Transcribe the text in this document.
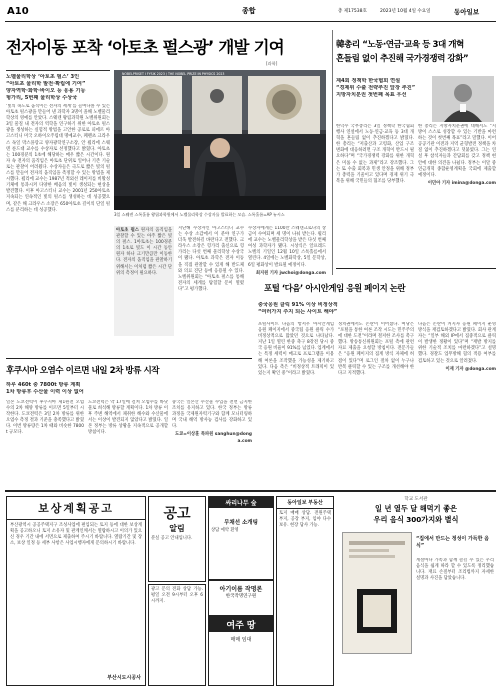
A10	종합	총 제17538호	2023년 10월 4일 수요일	동아일보
전자이동 포착 ‘아토초 펄스광’ 개발 기여
[과학]
노벨물리학상 ‘아토초 펄스’ 3인
“아토초 물리학 발전·확립에 기여”
양자역학·화학·바이오 등 응용 기능
헝가리, 5번째 물리학상 수상국
‘빛의 속도로 움직이는 전자의 세계’를 들여다볼 수 있는 아토초 펄스광을 만들어 낸 과학자 3명이 올해 노벨물리학상의 영예를 안았다. 스웨덴 왕립과학원 노벨위원회는 3일 물질 내 전자의 역학을 연구하기 위한 아토초 펄스광을 생성하는 실험적 방법을 고안한 공로로 피에르 아고스티니 미국 오하이오주립대 명예교수, 페렌츠 크라우스 독일 막스플랑크 양자광학연구소장, 안 륄리에 스웨덴 룬드대 교수를 수상자로 선정했다고 밝혔다. 아토초는 100경분의 1초에 해당하는 매우 짧은 시간이다. 원자 속 전자의 움직임은 아토초 단위로 일어나 기존 기술로는 관찰이 어려웠다. 수상자들은 극도로 짧은 빛의 펄스를 만들어 전자의 움직임을 측정할 수 있는 방법을 제시했다. 륄리에 교수는 1987년 적외선 레이저를 비활성 기체에 통과시켜 다양한 배음의 빛이 생성되는 현상을 발견했다. 이후 아고스티니 교수는 2001년 250아토초 지속되는 연속적인 빛의 펄스를 생성하는 데 성공했으며, 같은 해 크라우스 소장은 650아토초 길이의 단일 펄스를 분리하는 데 성공했다.
NOBELPRISET I FYSIK 2023 / THE NOBEL PRIZE IN PHYSICS 2023
3일 스웨덴 스톡홀름 왕립과학원에서 노벨물리학상 수상자를 발표하는 모습. 스톡홀름=AP 뉴시스
아토초 펄스 원자의 움직임을 관찰할 수 있는 아주 짧은 빛의 펄스. 1아토초는 100경분의 1초로 빛도 이 시간 동안 원자 하나 크기만큼만 이동한다. 전자의 움직임을 관찰하기 위해서는 이처럼 짧은 시간 단위의 측정이 필요하다.
지난해 수상자인 아고스티니 교수는 수상 소감에서 이 분야 연구가 더욱 발전하길 바란다고 전했다. 크라우스 소장은 헝가리 출신으로 헝가리는 다섯 번째 물리학상 수상국이 됐다. 아토초 과학은 전자 이동을 직접 관찰할 수 있게 해 반도체와 의료 진단 등에 응용될 수 있다. 노벨위원회는 “아토초 펄스를 통해 전자의 세계를 탐험할 문이 열렸다”고 평가했다.
수상자에게는 1100만 스웨덴크로나의 상금이 수여되며 세 명이 나눠 받는다. 륄리에 교수는 노벨물리학상을 받은 다섯 번째 여성 과학자가 됐다. 시상식은 알프레드 노벨의 기일인 12월 10일 스톡홀름에서 열린다. 4일에는 노벨화학상, 5일 문학상, 6일 평화상이 발표될 예정이다.
최지원 기자 jwchoi@donga.com
韓총리 “노동·연금·교육 등 3대 개혁
흔들림 없이 추진해 국가경쟁력 강화”
제4회 정책학 한국협회 연설
“경제위 수출 전략추진 앞장 추진”
지방자치분권 첫번째 목표 우선
한덕수 국무총리는 3일 정책학 한국협회 행사 연설에서 노동·연금·교육 등 3대 개혁을 흔들림 없이 추진하겠다고 밝혔다. 한 총리는 “저출산과 고령화, 산업 구조 변화에 대응하려면 구조 개혁이 반드시 필요하다”며 “국가경쟁력 강화를 위한 개혁은 미룰 수 없는 과제”라고 강조했다. 그는 또 수출 회복과 민생 안정을 위해 정부가 총력을 기울이고 있다며 경제 위기 극복을 위해 국민들의 협조를 당부했다.
한 총리는 지방자치분권에 대해서도 “지방이 스스로 성장할 수 있는 기반을 마련하는 것이 첫번째 목표”라고 말했다. 이어 공공기관 이전과 지역 균형발전 정책을 차질 없이 추진하겠다고 덧붙였다. 그는 연설 후 참석자들과 간담회를 갖고 정책 현안에 대한 의견을 나눴다. 정부는 이달 중 연금개혁 종합운영계획을 국회에 제출할 예정이다.
이민아 기자 imina@donga.com
포털 ‘다음’ 아시안게임 응원 페이지 논란
중국응원 클릭 91% 이상 비정상적
“여러가지 주지 되는 사이트 해야”
포털사이트 다음의 항저우 아시안게임 응원 페이지에서 중국팀 응원 클릭 수가 비정상적으로 많았던 것으로 나타났다. 지난 1일 열린 한중 축구 8강전 당시 중국 응원 비율이 91%를 넘었다. 업계에서는 특정 세력이 매크로 프로그램을 이용해 여론을 조작했을 가능성을 제기하고 있다. 다음 측은 “비정상적 트래픽이 있었는지 확인 중”이라고 밝혔다.
정치권에서도 논란이 이어졌다. 여당은 “포털을 통한 여론 조작 시도는 민주주의에 대한 도전”이라며 철저한 조사를 촉구했다. 방송통신위원회는 포털 측에 관련 자료 제출을 요청할 방침이다. 전문가들은 “응원 페이지의 집계 방식 자체에 허점이 있다”며 로그인 절차 없이 누구나 반복 클릭할 수 있는 구조를 개선해야 한다고 지적했다.
다음은 논란이 커지자 응원 페이지 운영 방식을 재검토하겠다고 밝혔다. 회사 관계자는 “일부 해외 IP에서 집중적으로 클릭이 발생한 정황이 있다”며 “재발 방지를 위한 기술적 조치를 마련하겠다”고 설명했다. 경찰도 업무방해 혐의 적용 여부를 검토하고 있는 것으로 알려졌다.
이재 기자 @donga.com
후쿠시마 오염수 이르면 내일 2차 방류 시작
하루 460t 중 7800t 방류 계획
1차 방류후 수산물 이력 이상 없어
일본 도쿄전력이 후쿠시마 제1원전 오염수의 2차 해양 방류를 이르면 5일부터 시작한다. 도쿄전력은 3일 2차 방류를 위한 오염수 측정 결과 기준을 충족했다고 밝혔다. 이번 방류량은 1차 때와 비슷한 7800t 규모다.
도쿄전력은 약 17일에 걸쳐 오염수를 바닷물로 희석해 방류할 계획이다. 1차 방류 이후 주변 해역에서 채취한 해수와 수산물에서는 이상이 발견되지 않았다고 밝혔다. 일본 정부는 방류 상황을 지속적으로 공개할 방침이다.
중국은 일본산 수산물 수입을 전면 금지한 조치를 유지하고 있다. 한국 정부는 방류 과정을 국제원자력기구와 함께 모니터링하며 국내 해역 방사능 검사를 강화하고 있다.
도쿄=이상훈 특파원 sanghun@donga.com
보상계획공고
부산광역시 공공주택지구 조성사업에 편입되는 토지 등에 대한 보상계획을 공고하오니 토지 소유자 및 관계인께서는 열람하시고 이의가 있으신 경우 기간 내에 서면으로 제출하여 주시기 바랍니다. 열람기간 및 장소, 보상 일정 등 세부 사항은 사업시행자에게 문의하시기 바랍니다.
부산시도시공사
공고
알림
분실 공고 안내입니다.
광고 문의 전화 상담 가능. 평일 오전 9시부터 오후 6시까지.
싸리나무 숲
무채선 소개팅
상담 예약 환영
아기이름 작명론
한국작명연구원
여주 땅
매매 임대
동아일보 부동산
토지 매매 상담. 전원주택 부지, 공장 부지, 임야 다수 보유. 현장 답사 가능.
학교 도서관
일 년 열두 달 해먹기 좋은
우리 음식 300가지와 별식
“집에서 만드는 정성이 가득한 음식”
계절마다 가족과 함께 즐길 수 있는 우리 음식을 쉽게 따라 할 수 있도록 정리했습니다. 재료 손질부터 조리법까지 자세한 설명과 사진을 담았습니다.
